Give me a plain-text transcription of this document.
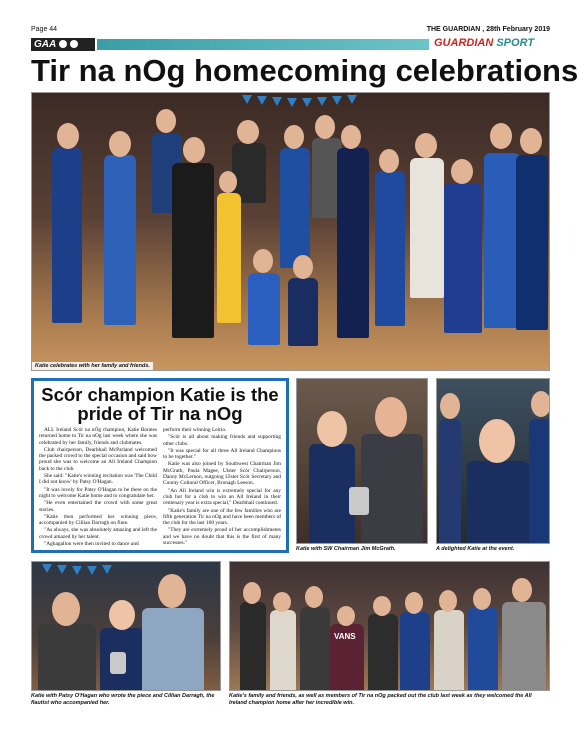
Page 44	THE GUARDIAN , 28th February 2019
GAA	GUARDIAN SPORT
Tir na nOg homecoming celebrations
Katie celebrates with her family and friends.
Scór champion Katie is the pride of Tir na nOg

ALL Ireland Scór na nÓg champion, Katie Bonnes returned home to Tir na nOg last week where she was celebrated by her family, friends and clubmates.

Club chairperson, Dearbhail McParland welcomed the packed crowd to the special occasion and said how proud she was to welcome an All Ireland Champion back to the club.

She said: "Katie's winning recitation was 'The Child I did not know' by Patsy O'Hagan.

"It was lovely for Patsy O'Hagan to be there on the night to welcome Katie home and to congratulate her.

"He even entertained the crowd with some great stories.

"Katie then performed her winning piece, accompanied by Cillian Darragh on flute.

"As always, she was absolutely amazing and left the crowd amazed by her talent.

"Aghagallon were then invited to dance and

perform their winning Leirio.

"Scór is all about making friends and supporting other clubs.

"It was special for all three All Ireland Champions to be together."

Katie was also joined by Southwest Chairman Jim McGrath, Paula Magee, Ulster Scór Chairperson, Danny McLernon, outgoing Ulster Scór Secretary and County Cultural Officer, Bronagh Leeson.

"An All Ireland win is extremely special for any club but for a club to win an All Ireland in their centenary year is extra special," Dearbhail continued.

"Katie's family are one of the few families who are fifth generation Tir na nOg and have been members of the club for the last 100 years.

"They are extremely proud of her accomplishments and we have no doubt that this is the first of many successes."

Katie with SW Chairman Jim McGrath.	A delighted Katie at the event.
Katie with Patsy O'Hagan who wrote the piece and Cillian Darragh, the flautist who accompanied her.
VANS
Katie's family and friends, as well as members of Tir na nOg packed out the club last week as they welcomed the All Ireland champion home after her incredible win.
